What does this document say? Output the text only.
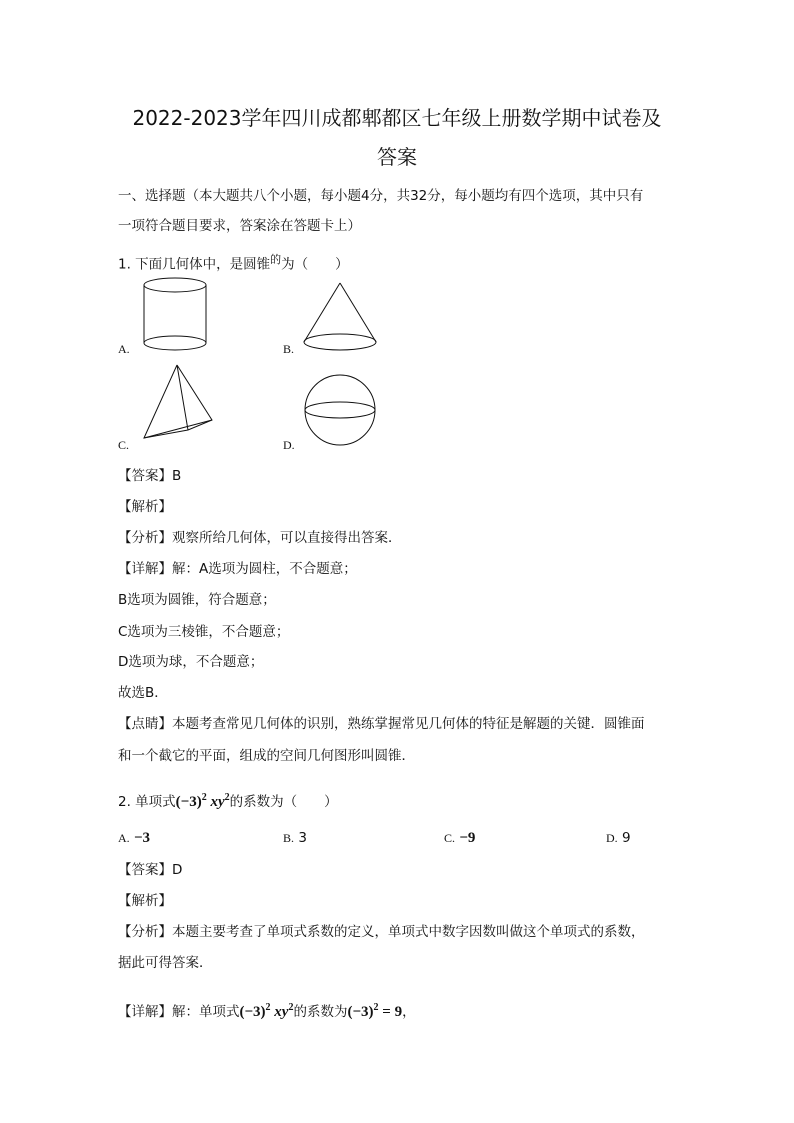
2022-2023学年四川成都郫都区七年级上册数学期中试卷及
答案
一、选择题（本大题共八个小题，每小题4分，共32分，每小题均有四个选项，其中只有
一项符合题目要求，答案涂在答题卡上）
1. 下面几何体中，是圆锥$^的$为（　　）
A.	B.
C.	D.
【答案】B
【解析】
【分析】观察所给几何体，可以直接得出答案．
【详解】解：A选项为圆柱，不合题意；
B选项为圆锥，符合题意；
C选项为三棱锥，不合题意；
D选项为球，不合题意；
故选B．
【点睛】本题考查常见几何体的识别，熟练掌握常见几何体的特征是解题的关键．圆锥面
和一个截它的平面，组成的空间几何图形叫圆锥．
2. 单项式$(-3)^2$ $xy^2$的系数为（　　）
A. −3	B. 3	C. −9	D. 9
【答案】D
【解析】
【分析】本题主要考查了单项式系数的定义，单项式中数字因数叫做这个单项式的系数，
据此可得答案．
【详解】解：单项式$(-3)^2$ $xy^2$的系数为$(-3)^2 = 9$，
